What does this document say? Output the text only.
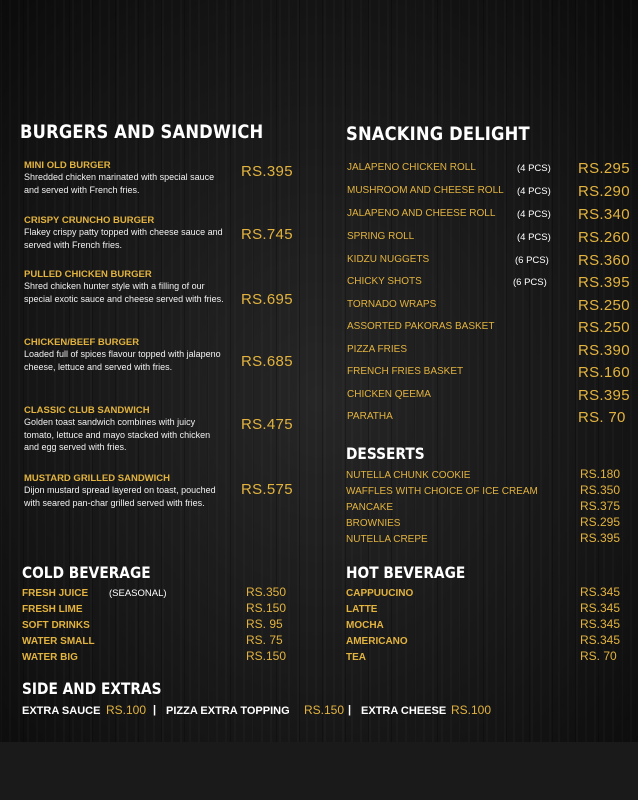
BURGERS AND SANDWICH
MINI OLD BURGER
Shredded chicken marinated with special sauce and served with French fries.
RS.395
CRISPY CRUNCHO BURGER
Flakey crispy patty topped with cheese sauce and served with French fries.
RS.745
PULLED CHICKEN BURGER
Shred chicken hunter style with a filling of our special exotic sauce and cheese served with fries. RS.695
CHICKEN/BEEF BURGER
Loaded full of spices flavour topped with jalapeno cheese, lettuce and served with fries.	RS.685
CLASSIC CLUB SANDWICH
Golden toast sandwich combines with juicy tomato, lettuce and mayo stacked with chicken and egg served with fries.
RS.475
MUSTARD GRILLED SANDWICH
Dijon mustard spread layered on toast, pouched with seared pan-char grilled served with fries.
RS.575
SNACKING DELIGHT
JALAPENO CHICKEN ROLL	(4 PCS) RS.295
MUSHROOM AND CHEESE ROLL (4 PCS) RS.290
JALAPENO AND CHEESE ROLL (4 PCS) RS.340
SPRING ROLL	(4 PCS) RS.260
KIDZU NUGGETS	(6 PCS) RS.360
CHICKY SHOTS	(6 PCS) RS.395
TORNADO WRAPS	RS.250
ASSORTED PAKORAS BASKET	RS.250
PIZZA FRIES	RS.390
FRENCH FRIES BASKET	RS.160
CHICKEN QEEMA	RS.395
PARATHA	RS. 70
DESSERTS
NUTELLA CHUNK COOKIE	RS.180
WAFFLES WITH CHOICE OF ICE CREAM	RS.350
PANCAKE	RS.375
BROWNIES	RS.295
NUTELLA CREPE	RS.395
COLD BEVERAGE
FRESH JUICE (SEASONAL)	RS.350
FRESH LIME	RS.150
SOFT DRINKS	RS. 95
WATER SMALL	RS. 75
WATER BIG	RS.150
HOT BEVERAGE
CAPPUUCINO	RS.345
LATTE	RS.345
MOCHA	RS.345
AMERICANO	RS.345
TEA	RS. 70
SIDE AND EXTRAS
EXTRA SAUCE RS.100 | PIZZA EXTRA TOPPING RS.150 | EXTRA CHEESE RS.100
